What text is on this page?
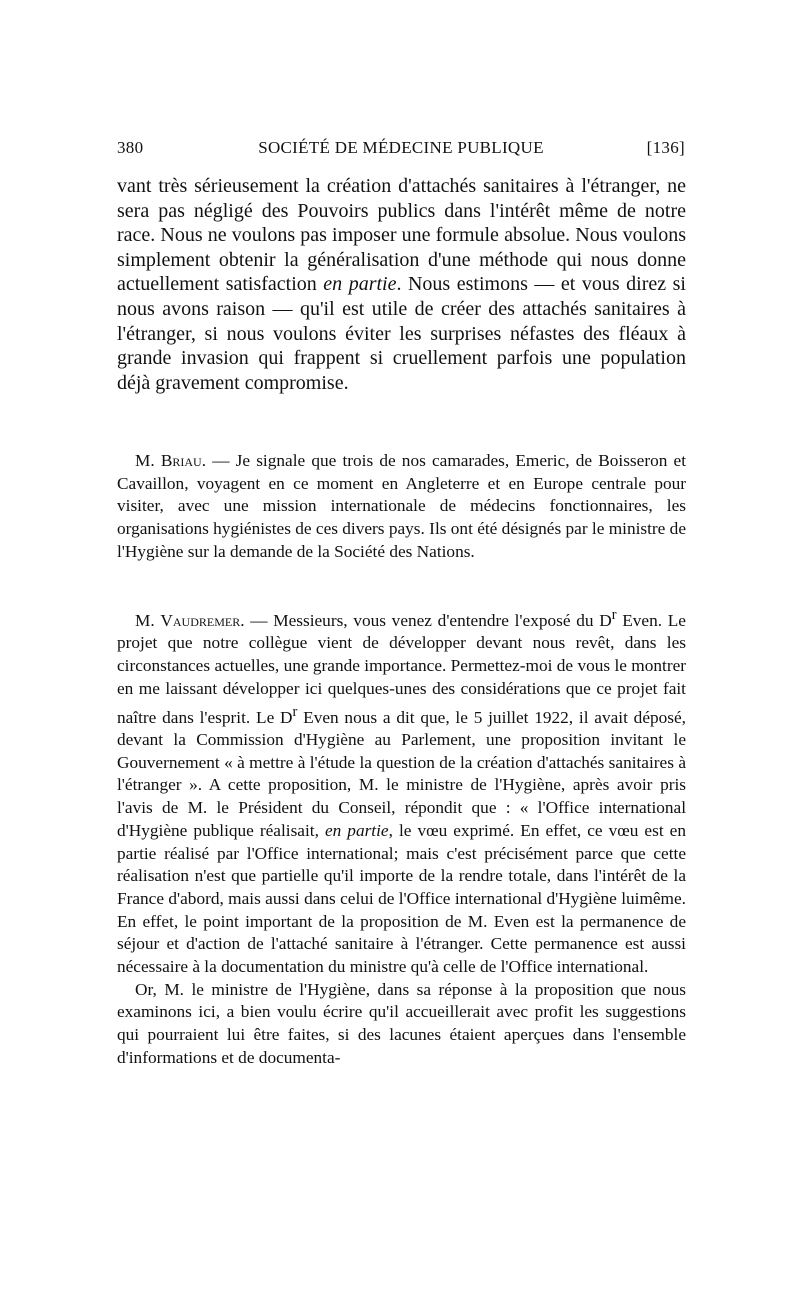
380	SOCIÉTÉ DE MÉDECINE PUBLIQUE	[136]

vant très sérieusement la création d'attachés sanitaires à l'étranger, ne sera pas négligé des Pouvoirs publics dans l'intérêt même de notre race. Nous ne voulons pas imposer une formule absolue. Nous voulons simplement obtenir la généralisation d'une méthode qui nous donne actuellement satisfaction en partie. Nous estimons — et vous direz si nous avons raison — qu'il est utile de créer des attachés sanitaires à l'étranger, si nous voulons éviter les surprises néfastes des fléaux à grande invasion qui frappent si cruellement parfois une population déjà gravement compromise.

M. Briau. — Je signale que trois de nos camarades, Emeric, de Boisseron et Cavaillon, voyagent en ce moment en Angleterre et en Europe centrale pour visiter, avec une mission internationale de médecins fonctionnaires, les organisations hygiénistes de ces divers pays. Ils ont été désignés par le ministre de l'Hygiène sur la demande de la Société des Nations.

M. Vaudremer. — Messieurs, vous venez d'entendre l'exposé du $D^r$ Even. Le projet que notre collègue vient de développer devant nous revêt, dans les circonstances actuelles, une grande importance. Permettez-moi de vous le montrer en me laissant développer ici quelques-unes des considérations que ce projet fait naître dans l'esprit. Le $D^r$ Even nous a dit que, le 5 juillet 1922, il avait déposé, devant la Commission d'Hygiène au Parlement, une proposition invitant le Gouvernement « à mettre à l'étude la question de la création d'attachés sanitaires à l'étranger ». A cette proposition, M. le ministre de l'Hygiène, après avoir pris l'avis de M. le Président du Conseil, répondit que : « l'Office international d'Hygiène publique réalisait, en partie, le vœu exprimé. En effet, ce vœu est en partie réalisé par l'Office international; mais c'est précisément parce que cette réalisation n'est que partielle qu'il importe de la rendre totale, dans l'intérêt de la France d'abord, mais aussi dans celui de l'Office international d'Hygiène luimême. En effet, le point important de la proposition de M. Even est la permanence de séjour et d'action de l'attaché sanitaire à l'étranger. Cette permanence est aussi nécessaire à la documentation du ministre qu'à celle de l'Office international.

Or, M. le ministre de l'Hygiène, dans sa réponse à la proposition que nous examinons ici, a bien voulu écrire qu'il accueillerait avec profit les suggestions qui pourraient lui être faites, si des lacunes étaient aperçues dans l'ensemble d'informations et de documenta-
